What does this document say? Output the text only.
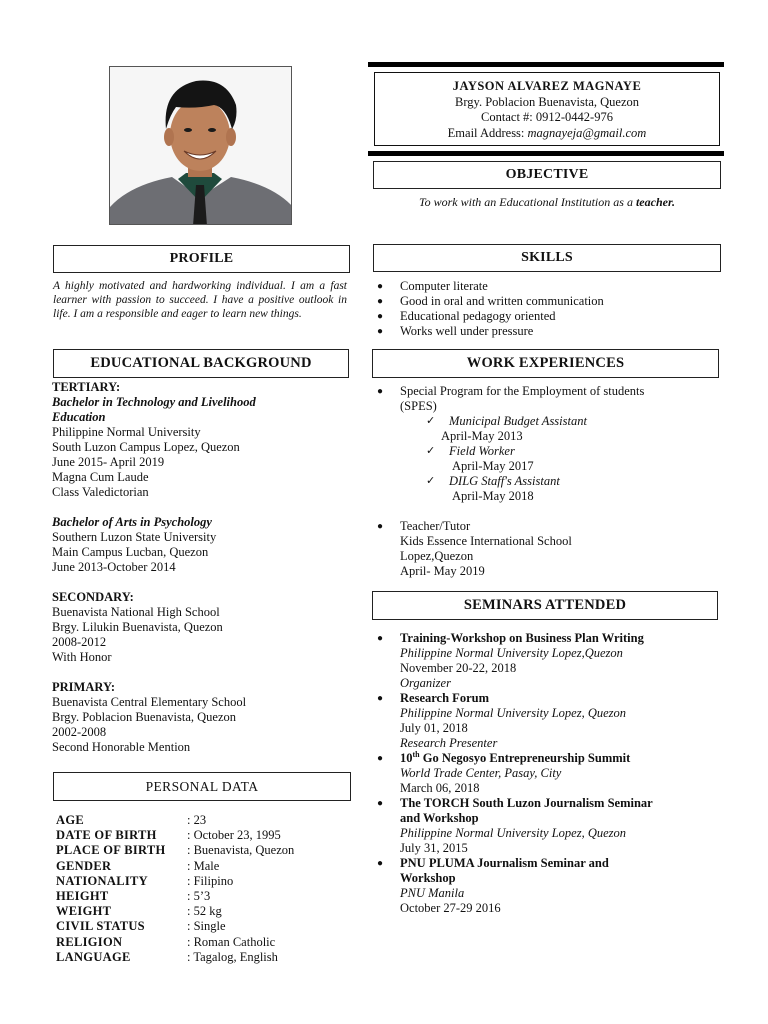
JAYSON ALVAREZ MAGNAYE
Brgy. Poblacion Buenavista, Quezon
Contact #: 0912-0442-976
Email Address: magnayeja@gmail.com
OBJECTIVE
To work with an Educational Institution as a teacher.
PROFILE
A highly motivated and hardworking individual. I am a fast learner with passion to succeed. I have a positive outlook in life. I am a responsible and eager to learn new things.
SKILLS
● Computer literate
● Good in oral and written communication
● Educational pedagogy oriented
● Works well under pressure
EDUCATIONAL BACKGROUND
TERTIARY:
Bachelor in Technology and Livelihood
Education
Philippine Normal University
South Luzon Campus Lopez, Quezon
June 2015- April 2019
Magna Cum Laude
Class Valedictorian
Bachelor of Arts in Psychology
Southern Luzon State University
Main Campus Lucban, Quezon
June 2013-October 2014
SECONDARY:
Buenavista National High School
Brgy. Lilukin Buenavista, Quezon
2008-2012
With Honor
PRIMARY:
Buenavista Central Elementary School
Brgy. Poblacion Buenavista, Quezon
2002-2008
Second Honorable Mention
PERSONAL DATA
AGE	: 23
DATE OF BIRTH	: October 23, 1995
PLACE OF BIRTH	: Buenavista, Quezon
GENDER	: Male
NATIONALITY	: Filipino
HEIGHT	: 5’3
WEIGHT	: 52 kg
CIVIL STATUS	: Single
RELIGION	: Roman Catholic
LANGUAGE	: Tagalog, English
WORK EXPERIENCES
● Special Program for the Employment of students
(SPES)
✓ Municipal Budget Assistant
April-May 2013
✓ Field Worker
April-May 2017
✓ DILG Staff's Assistant
April-May 2018
● Teacher/Tutor
Kids Essence International School
Lopez,Quezon
April- May 2019
SEMINARS ATTENDED
● Training-Workshop on Business Plan Writing
Philippine Normal University Lopez,Quezon
November 20-22, 2018
Organizer
● Research Forum
Philippine Normal University Lopez, Quezon
July 01, 2018
Research Presenter
● 10th Go Negosyo Entrepreneurship Summit
World Trade Center, Pasay, City
March 06, 2018
● The TORCH South Luzon Journalism Seminar
and Workshop
Philippine Normal University Lopez, Quezon
July 31, 2015
● PNU PLUMA Journalism Seminar and
Workshop
PNU Manila
October 27-29 2016
